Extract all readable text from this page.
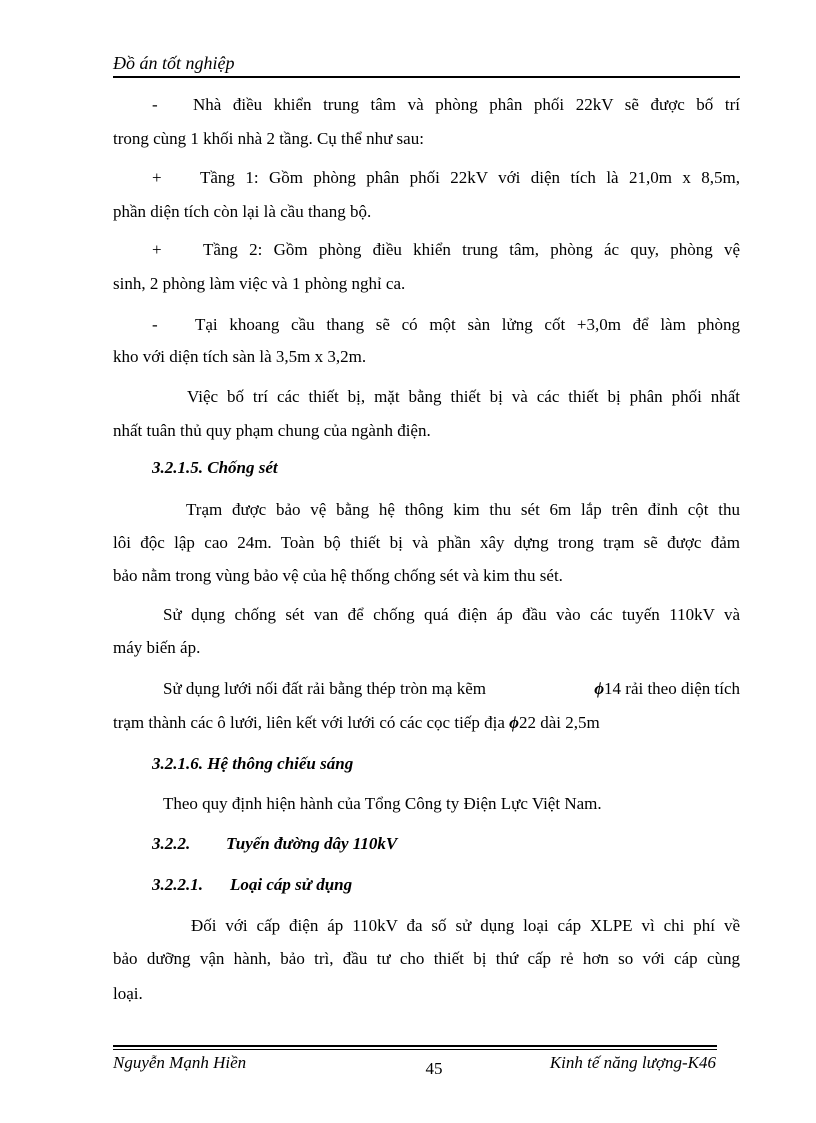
Đồ án tốt nghiệp
- Nhà điều khiển trung tâm và phòng phân phối 22kV sẽ được bố trí
trong cùng 1 khối nhà 2 tầng. Cụ thể như sau:
+ Tầng 1: Gồm phòng phân phối 22kV với diện tích là 21,0m x 8,5m,
phần diện tích còn lại là cầu thang bộ.
+ Tầng 2: Gồm phòng điều khiển trung tâm, phòng ác quy, phòng vệ
sinh, 2 phòng làm việc và 1 phòng nghỉ ca.
- Tại khoang cầu thang sẽ có một sàn lửng cốt +3,0m để làm phòng
kho với diện tích sàn là 3,5m x 3,2m.
Việc bố trí các thiết bị, mặt bằng thiết bị và các thiết bị phân phối nhất
nhất tuân thủ quy phạm chung của ngành điện.
3.2.1.5. Chống sét
Trạm được bảo vệ bằng hệ thông kim thu sét 6m lắp trên đỉnh cột thu
lôi độc lập cao 24m. Toàn bộ thiết bị và phần xây dựng trong trạm sẽ được đảm
bảo nằm trong vùng bảo vệ của hệ thống chống sét và kim thu sét.
Sử dụng chống sét van để chống quá điện áp đầu vào các tuyến 110kV và
máy biến áp.
Sử dụng lưới nối đất rải bằng thép tròn mạ kẽm	ϕ14 rải theo diện tích
trạm thành các ô lưới, liên kết với lưới có các cọc tiếp địa ϕ22 dài 2,5m
3.2.1.6. Hệ thông chiếu sáng
Theo quy định hiện hành của Tổng Công ty Điện Lực Việt Nam.
3.2.2. Tuyến đường dây 110kV
3.2.2.1. Loại cáp sử dụng
Đối với cấp điện áp 110kV đa số sử dụng loại cáp XLPE vì chi phí về
bảo dưỡng vận hành, bảo trì, đầu tư cho thiết bị thứ cấp rẻ hơn so với cáp cùng
loại.
Nguyễn Mạnh Hiền	45	Kinh tế năng lượng-K46
